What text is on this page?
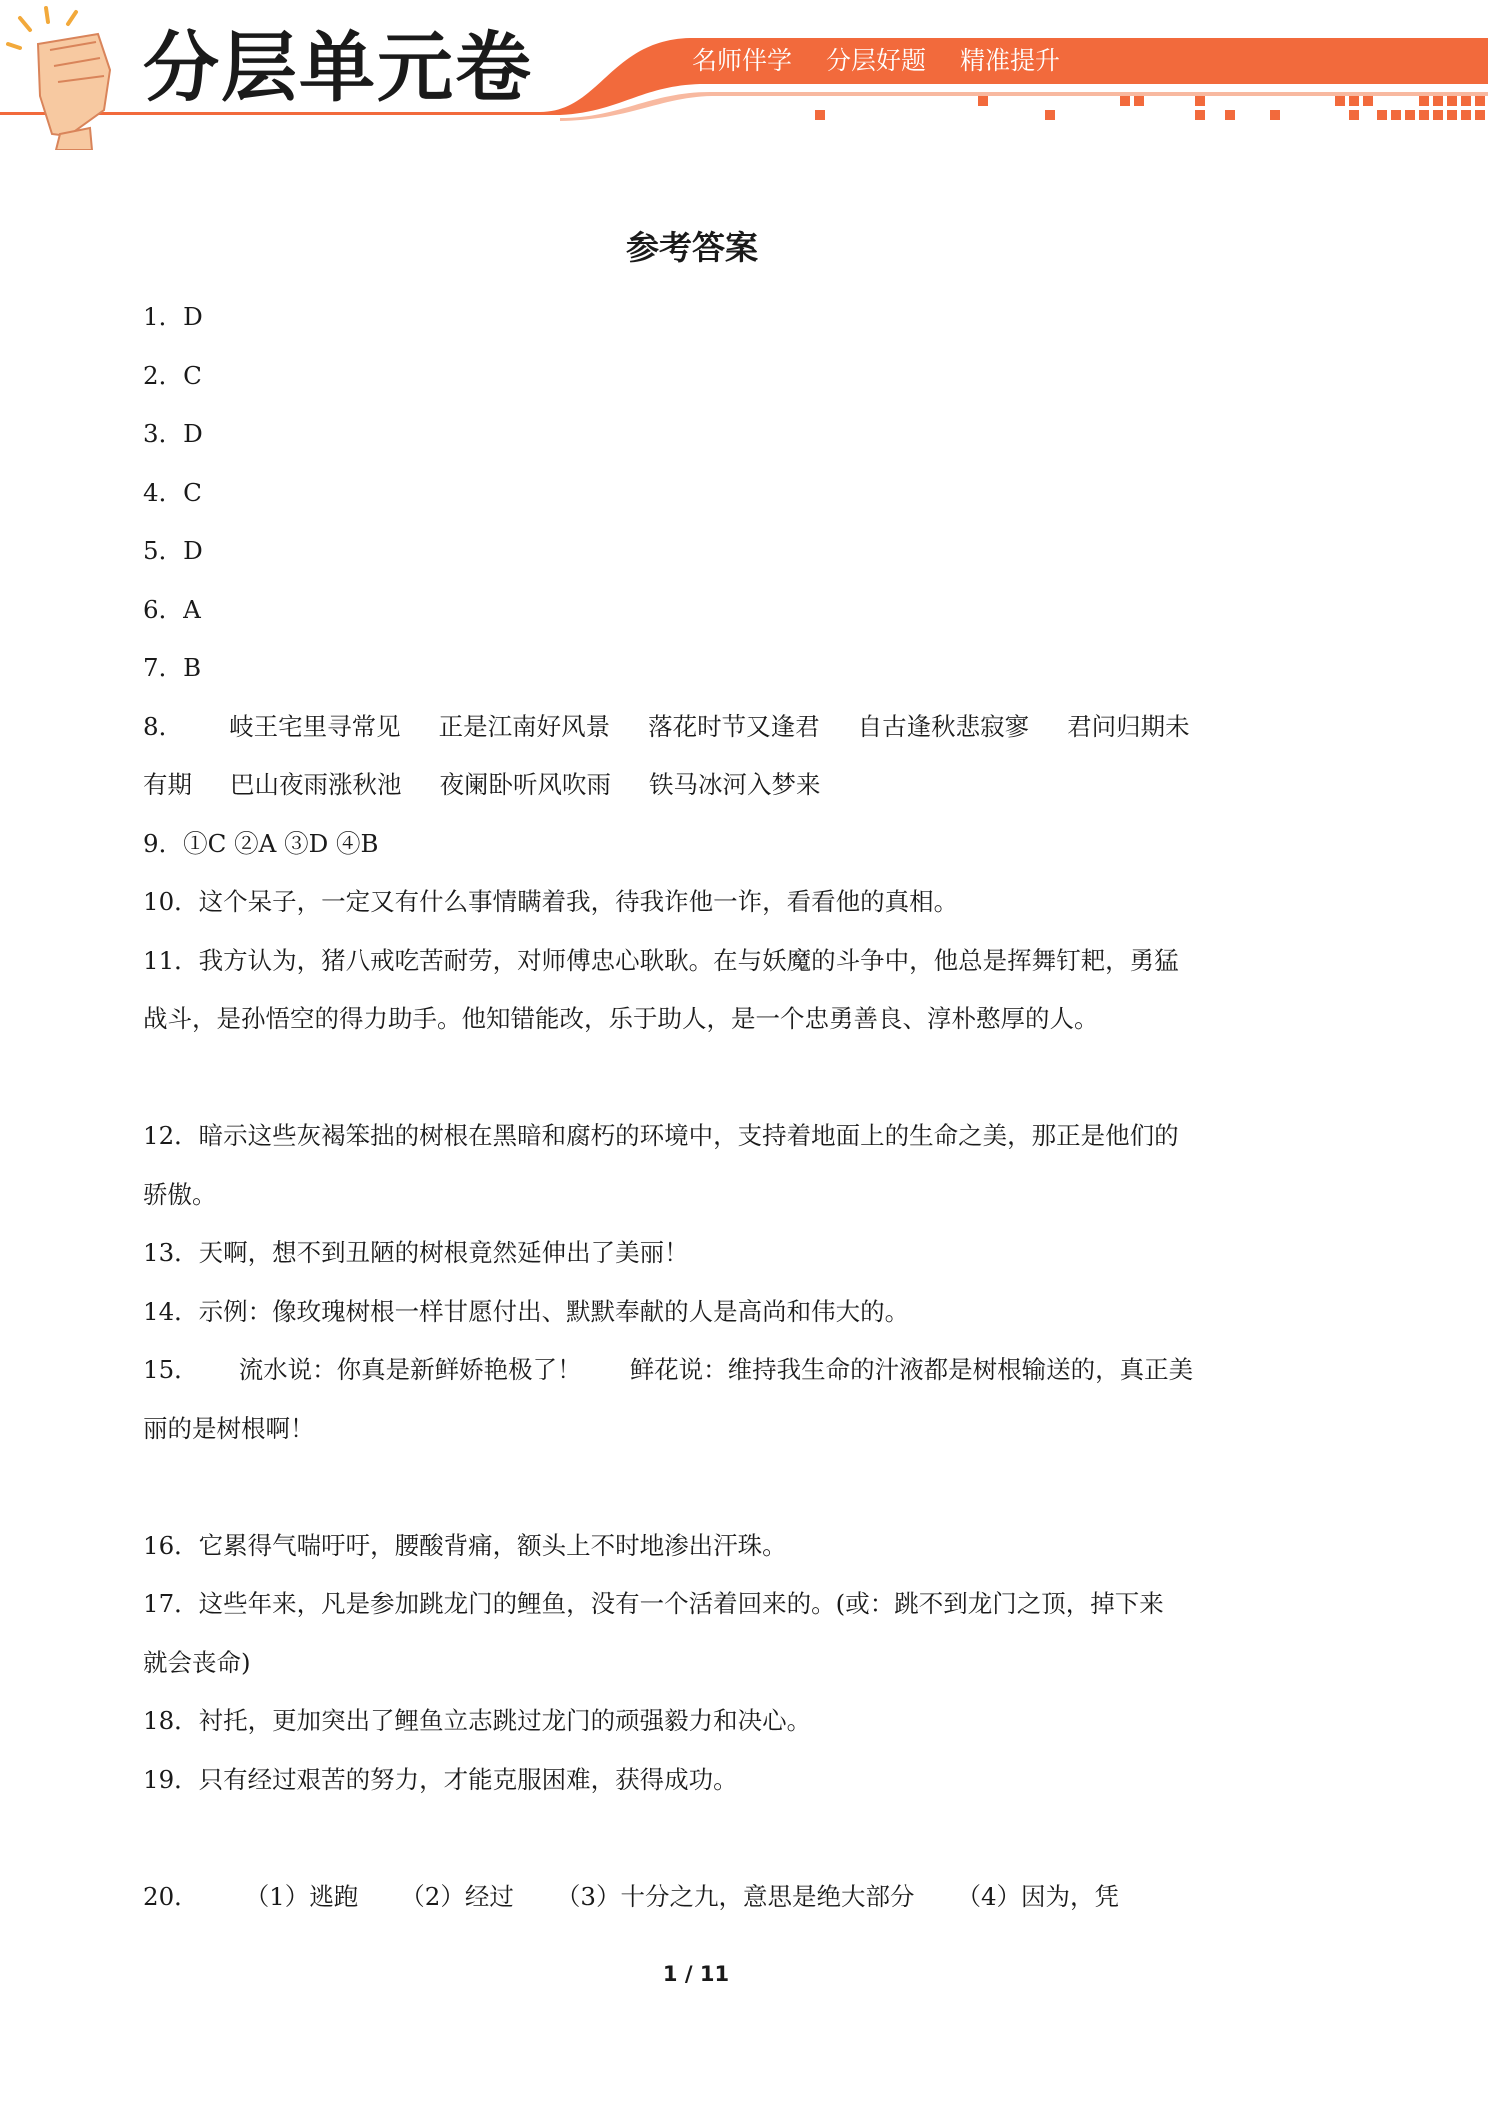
分层单元卷	名师伴学 分层好题 精准提升
参考答案
1．D
2．C
3．D
4．C
5．D
6．A
7．B
8． 岐王宅里寻常见 正是江南好风景 落花时节又逢君 自古逢秋悲寂寥 君问归期未
有期 巴山夜雨涨秋池 夜阑卧听风吹雨 铁马冰河入梦来
9．①C ②A ③D ④B
10．这个呆子，一定又有什么事情瞒着我，待我诈他一诈，看看他的真相。
11．我方认为，猪八戒吃苦耐劳，对师傅忠心耿耿。在与妖魔的斗争中，他总是挥舞钉耙，勇猛
战斗，是孙悟空的得力助手。他知错能改，乐于助人，是一个忠勇善良、淳朴憨厚的人。
12．暗示这些灰褐笨拙的树根在黑暗和腐朽的环境中，支持着地面上的生命之美，那正是他们的
骄傲。
13．天啊，想不到丑陋的树根竟然延伸出了美丽！
14．示例：像玫瑰树根一样甘愿付出、默默奉献的人是高尚和伟大的。
15． 流水说：你真是新鲜娇艳极了！ 鲜花说：维持我生命的汁液都是树根输送的，真正美
丽的是树根啊！
16．它累得气喘吁吁，腰酸背痛，额头上不时地渗出汗珠。
17．这些年来，凡是参加跳龙门的鲤鱼，没有一个活着回来的。(或：跳不到龙门之顶，掉下来
就会丧命)
18．衬托，更加突出了鲤鱼立志跳过龙门的顽强毅力和决心。
19．只有经过艰苦的努力，才能克服困难，获得成功。
20． （1）逃跑 （2）经过 （3）十分之九，意思是绝大部分 （4）因为，凭
1 / 11
